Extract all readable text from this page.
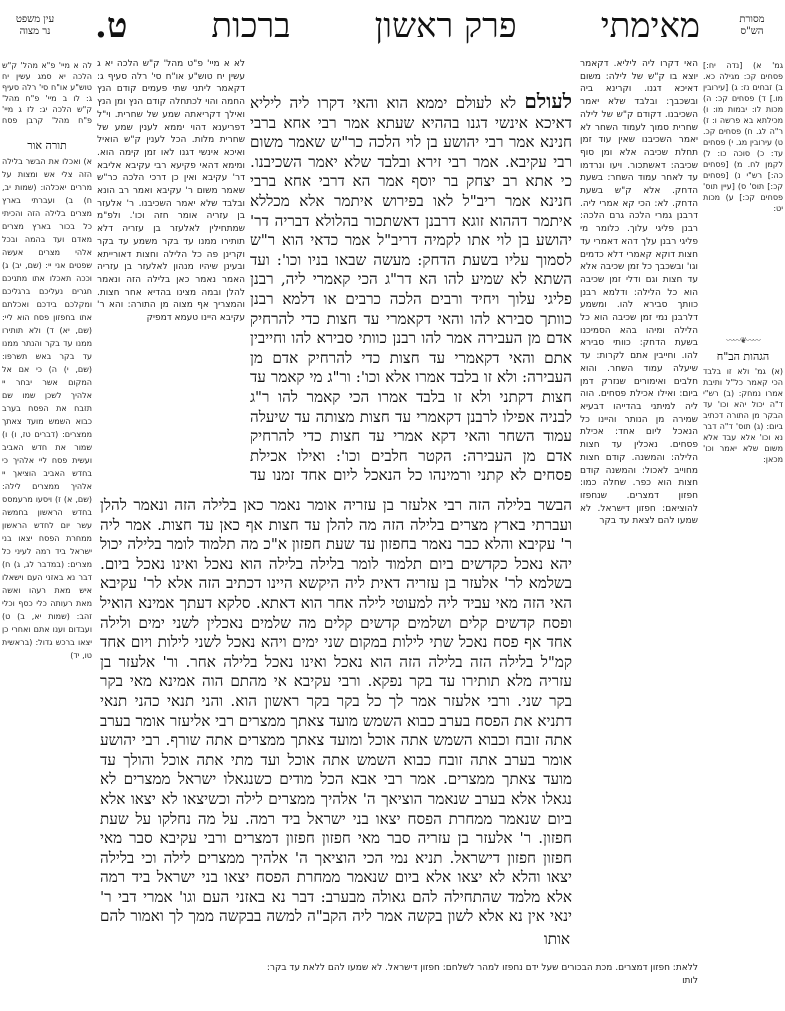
מסורת
הש"ס
מאימתי
פרק ראשון
ברכות
ט.
עין משפט
נר מצוה
גמ' א) [נדה יח:] פסחים קכ: מגילה כא. ב) זבחים נז: ג) [עירובין מו.] ד) פסחים קכ: ה) מכות לו: יבמות מו: ו) מכילתא בא פרשה ו: ז) ר"ה לג. ח) פסחים קכ. ט) עירובין מג. י) פסחים עד: כ) סוכה כו: ל) לקמן לח. מ) [פסחים כה:] רש"י נ) [פסחים קכ:] תוס' ס) [עיין תוס' פסחים קכ:] ע) מכות יט:
〰〰❦〰〰
הגהות הב"ח
(א) גמ' ולא זו בלבד הכי קאמר כל"ל ותיבת אמרו נמחק: (ב) רש"י ד"ה יכול יהא וכו' עד הבקר מן התורה דכתיב ביום: (ג) תוס' ד"ה דבר נא וכו' אלא עבד אלא משום שלא יאמר וכו' מכאן:
האי דקרו ליה ליליא. דקאמר יוצא בו ק"ש של לילה: משום דאיכא דגנו. וקרינא ביה ובשכבך: ובלבד שלא יאמר השכיבנו. דקודם ק"ש של לילה שחרית סמוך לעמוד השחר לא יאמר השכיבנו שאין עוד זמן תחלת שכיבה אלא ומן סוף שכיבה: דאשתכור. ויעו ונרדמו עד לאחר עמוד השחר: בשעת הדחק. אלא ק"ש בשעת הדחק. לא: הכי קא אמרי ליה. דרבנן גמרי הלכה גרם הלכה: רבנן פליגי עלוך. כלומר מי פליגי רבנן עלך דהא דאמרי עד חצות דוקא קאמרי דלא כדמים וגו' ובשכבך כל זמן שכיבה אלא עד חצות וגם ודלי זמן שכיבה הוא כל הלילה: ודלמא רבנן כוותך סבירא להו. ומשמע דלרבנן נמי זמן שכיבה הוא כל הלילה ומיהו בהא הסמיכנו בשעת הדחק: כוותי סבירא להו. וחייבין אתם לקרות: עד שיעלה עמוד השחר. והוא חלבים ואימורים שנזרק דמן ביום: ואילו אכילת פסחים. הוה ליה למיתני בהדייהו דבעיא שמירה מן הנותר והיינו כל הנאכל ליום אחד: אכילת פסחים. נאכלין עד חצות הלילה: והמשנה. קודם חצות מחוייב לאכול: והמשנה קודם חצות הוא כפר. שחלה כמו: חפזון דמצרים. שנחפזו להוציאם: חפזון דישראל. לא שמעו להם לצאת עד בקר
לעולם לא לעולם יממא הוא והאי דקרו ליה ליליא דאיכא אינשי דגנו בההיא שעתא אמר רבי אחא ברבי חנינא אמר רבי יהושע בן לוי הלכה כר"ש שאמר משום רבי עקיבא. אמר רבי זירא ובלבד שלא יאמר השכיבנו. כי אתא רב יצחק בר יוסף אמר הא דרבי אחא ברבי חנינא אמר ריב"ל לאו בפירוש איתמר אלא מכללא איתמר דההוא זוגא דרבנן דאשתכור בהלולא דבריה דר' יהושע בן לוי אתו לקמיה דריב"ל אמר כדאי הוא ר"ש לסמוך עליו בשעת הדחק: מעשה שבאו בניו וכו': ועד השתא לא שמיע להו הא דר"ג הכי קאמרי ליה, רבנן פליגי עלוך ויחיד ורבים הלכה כרבים או דלמא רבנן כוותך סבירא להו והאי דקאמרי עד חצות כדי להרחיק אדם מן העבירה אמר להו רבנן כוותי סבירא להו וחייבין אתם והאי דקאמרי עד חצות כדי להרחיק אדם מן העבירה: ולא זו בלבד אמרו אלא וכו': ור"ג מי קאמר עד חצות דקתני ולא זו בלבד אמרו הכי קאמר להו ר"ג לבניה אפילו לרבנן דקאמרי עד חצות מצותה עד שיעלה עמוד השחר והאי דקא אמרי עד חצות כדי להרחיק אדם מן העבירה: הקטר חלבים וכו': ואילו אכילת פסחים לא קתני ורמינהו כל הנאכל ליום אחד זמנו עד
הבשר בלילה הזה רבי אלעזר בן עזריה אומר נאמר כאן בלילה הזה ונאמר להלן ועברתי בארץ מצרים בלילה הזה מה להלן עד חצות אף כאן עד חצות. אמר ליה ר' עקיבא והלא כבר נאמר בחפזון עד שעת חפזון א"כ מה תלמוד לומר בלילה יכול יהא נאכל כקדשים ביום תלמוד לומר בלילה בלילה הוא נאכל ואינו נאכל ביום. בשלמא לר' אלעזר בן עזריה דאית ליה היקשא היינו דכתיב הזה אלא לר' עקיבא האי הזה מאי עביד ליה למעוטי לילה אחר הוא דאתא. סלקא דעתך אמינא הואיל ופסח קדשים קלים ושלמים קדשים קלים מה שלמים נאכלין לשני ימים ולילה אחד אף פסח נאכל שתי לילות במקום שני ימים ויהא נאכל לשני לילות ויום אחד קמ"ל בלילה הזה בלילה הזה הוא נאכל ואינו נאכל בלילה אחר. ור' אלעזר בן עזריה מלא תותירו עד בקר נפקא. ורבי עקיבא אי מהתם הוה אמינא מאי בקר בקר שני. ורבי אלעזר אמר לך כל בקר בקר ראשון הוא. והני תנאי כהני תנאי דתניא את הפסח בערב כבוא השמש מועד צאתך ממצרים רבי אליעזר אומר בערב אתה זובח וכבוא השמש אתה אוכל ומועד צאתך ממצרים אתה שורף. רבי יהושע אומר בערב אתה זובח כבוא השמש אתה אוכל ועד מתי אתה אוכל והולך עד מועד צאתך ממצרים. אמר רבי אבא הכל מודים כשנגאלו ישראל ממצרים לא נגאלו אלא בערב שנאמר הוציאך ה' אלהיך ממצרים לילה וכשיצאו לא יצאו אלא ביום שנאמר ממחרת הפסח יצאו בני ישראל ביד רמה. על מה נחלקו על שעת חפזון. ר' אלעזר בן עזריה סבר מאי חפזון חפזון דמצרים ורבי עקיבא סבר מאי חפזון חפזון דישראל. תניא נמי הכי הוציאך ה' אלהיך ממצרים לילה וכי בלילה יצאו והלא לא יצאו אלא ביום שנאמר ממחרת הפסח יצאו בני ישראל ביד רמה אלא מלמד שהתחילה להם גאולה מבערב: דבר נא באזני העם וגו' אמרי דבי ר' ינאי אין נא אלא לשון בקשה אמר ליה הקב"ה למשה בבקשה ממך לך ואמור להם
אותו
לא א מיי' פ"ט מהל' ק"ש הלכה יא ג עשין יח טוש"ע או"ח סי' רלה סעיף ג: דקאמר ליתני שתי פעמים קודם הנץ החמה והוי לכתחלה קודם הנץ ומן הנץ ואילך דקריאתה שמע של שחרית. וי"ל דפריענא דהוי יממא לענין שמע של שחרית מלות. הכל לענין ק"ש הואיל ואיכא אינשי דגנו לאו זמן קימה הוא. ומימא דהאי פקיעא רבי עקיבא אליבא דר' עקיבא ואין כן דרכי הלכה כר"ש שאמר משום ר' עקיבא ואמר רב הונא ובלבד שלא יאמר השכיבנו. ר' אלעזר בן עזריה אומר חזה וכו'. ולפ"מ שמתחילין לאלעזר בן עזריה דלא תותירו ממנו עד בקר משמע עד בקר וקרינן פה כל הלילה וחצות דאורייתא ובעינן שיהיו מנהון לאלעזר בן עזריה האמר נאמר כאן בלילה הזה ונאמר להלן ובמה מצינו בהדיא אחר חצות. והמצריך אף מצוה מן התורה: והא ר' עקיבא היינו טעמא דמפיק
לה א מיי' פ"א מהל' ק"ש הלכה יא סמג עשין יח טוש"ע או"ח סי' רלה סעיף ג: לו ב מיי' פ"ח מהל' ק"ש הלכה יג: לז ג מיי' פ"ח מהל' קרבן פסח
תורה אור
א) ואכלו את הבשר בלילה הזה צלי אש ומצות על מררים יאכלהו: (שמות יב, ח) ב) ועברתי בארץ מצרים בלילה הזה והכיתי כל בכור בארץ מצרים מאדם ועד בהמה ובכל אלהי מצרים אעשה שפטים אני יי: (שם, יב) ג) וככה תאכלו אתו מתניכם חגרים נעליכם ברגליכם ומקלכם בידכם ואכלתם אתו בחפזון פסח הוא ליי: (שם, יא) ד) ולא תותירו ממנו עד בקר והנתר ממנו עד בקר באש תשרפו: (שם, י) ה) כי אם אל המקום אשר יבחר יי אלהיך לשכן שמו שם תזבח את הפסח בערב כבוא השמש מועד צאתך ממצרים: (דברים טז, ו) ו) שמור את חדש האביב ועשית פסח ליי אלהיך כי בחדש האביב הוציאך יי אלהיך ממצרים לילה: (שם, א) ז) ויסעו מרעמסס בחדש הראשון בחמשה עשר יום לחדש הראשון ממחרת הפסח יצאו בני ישראל ביד רמה לעיני כל מצרים: (במדבר לג, ג) ח) דבר נא באזני העם וישאלו איש מאת רעהו ואשה מאת רעותה כלי כסף וכלי זהב: (שמות יא, ב) ט) ועבדום וענו אתם ואחרי כן יצאו ברכש גדול: (בראשית טו, יד)
ללאת: חפזון דמצרים. מכת הבכורים שעל ידם נחפזו למהר לשלחם: חפזון דישראל. לא שמעו להם ללאת עד בקר:
לותו
